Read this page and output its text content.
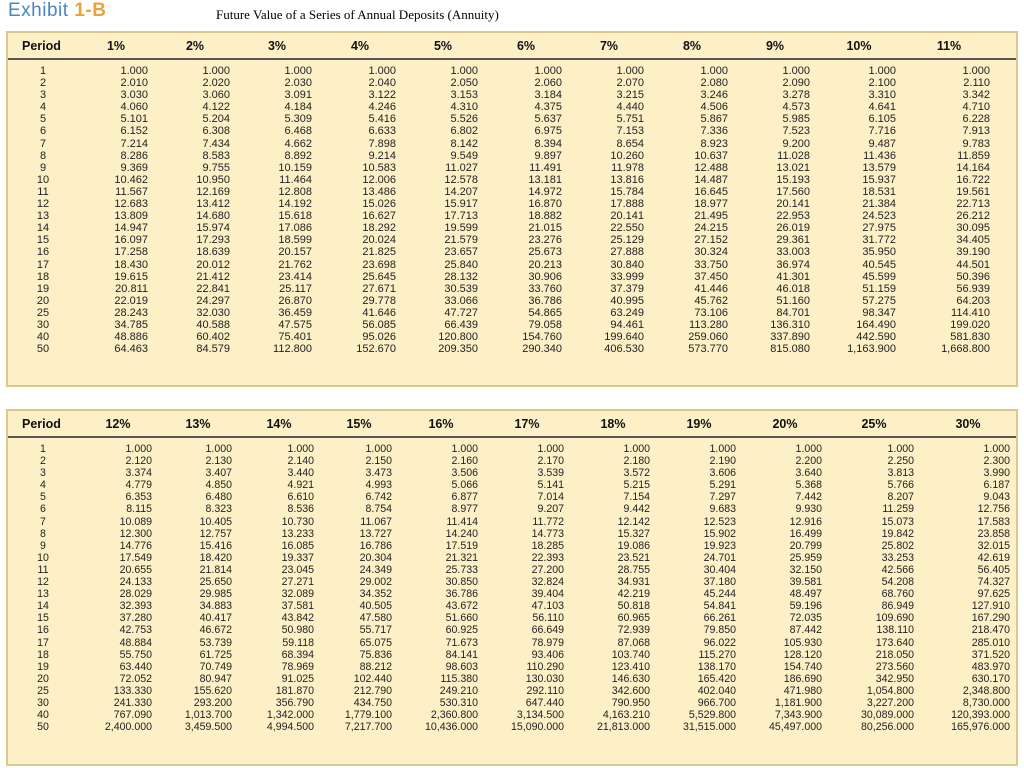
Exhibit 1-B	Future Value of a Series of Annual Deposits (Annuity)
Period	1%	2%	3%	4%	5%	6%	7%	8%	9%	10%	11%
1	1.000	1.000	1.000	1.000	1.000	1.000	1.000	1.000	1.000	1.000	1.000
2	2.010	2.020	2.030	2.040	2.050	2.060	2.070	2.080	2.090	2.100	2.110
3	3.030	3.060	3.091	3.122	3.153	3.184	3.215	3.246	3.278	3.310	3.342
4	4.060	4.122	4.184	4.246	4.310	4.375	4.440	4.506	4.573	4.641	4.710
5	5.101	5.204	5.309	5.416	5.526	5.637	5.751	5.867	5.985	6.105	6.228
6	6.152	6.308	6.468	6.633	6.802	6.975	7.153	7.336	7.523	7.716	7.913
7	7.214	7.434	4.662	7.898	8.142	8.394	8.654	8.923	9.200	9.487	9.783
8	8.286	8.583	8.892	9.214	9.549	9.897	10.260	10.637	11.028	11.436	11.859
9	9.369	9.755	10.159	10.583	11.027	11.491	11.978	12.488	13.021	13.579	14.164
10	10.462	10.950	11.464	12.006	12.578	13.181	13.816	14.487	15.193	15.937	16.722
11	11.567	12.169	12.808	13.486	14.207	14.972	15.784	16.645	17.560	18.531	19.561
12	12.683	13.412	14.192	15.026	15.917	16.870	17.888	18.977	20.141	21.384	22.713
13	13.809	14.680	15.618	16.627	17.713	18.882	20.141	21.495	22.953	24.523	26.212
14	14.947	15.974	17.086	18.292	19.599	21.015	22.550	24.215	26.019	27.975	30.095
15	16.097	17.293	18.599	20.024	21.579	23.276	25.129	27.152	29.361	31.772	34.405
16	17.258	18.639	20.157	21.825	23.657	25.673	27.888	30.324	33.003	35.950	39.190
17	18.430	20.012	21.762	23.698	25.840	20.213	30.840	33.750	36.974	40.545	44.501
18	19.615	21.412	23.414	25.645	28.132	30.906	33.999	37.450	41.301	45.599	50.396
19	20.811	22.841	25.117	27.671	30.539	33.760	37.379	41.446	46.018	51.159	56.939
20	22.019	24.297	26.870	29.778	33.066	36.786	40.995	45.762	51.160	57.275	64.203
25	28.243	32.030	36.459	41.646	47.727	54.865	63.249	73.106	84.701	98.347	114.410
30	34.785	40.588	47.575	56.085	66.439	79.058	94.461	113.280	136.310	164.490	199.020
40	48.886	60.402	75.401	95.026	120.800	154.760	199.640	259.060	337.890	442.590	581.830
50	64.463	84.579	112.800	152.670	209.350	290.340	406.530	573.770	815.080	1,163.900	1,668.800
Period	12%	13%	14%	15%	16%	17%	18%	19%	20%	25%	30%
1	1.000	1.000	1.000	1.000	1.000	1.000	1.000	1.000	1.000	1.000	1.000
2	2.120	2.130	2.140	2.150	2.160	2.170	2.180	2.190	2.200	2.250	2.300
3	3.374	3.407	3.440	3.473	3.506	3.539	3.572	3.606	3.640	3.813	3.990
4	4.779	4.850	4.921	4.993	5.066	5.141	5.215	5.291	5.368	5.766	6.187
5	6.353	6.480	6.610	6.742	6.877	7.014	7.154	7.297	7.442	8.207	9.043
6	8.115	8.323	8.536	8.754	8.977	9.207	9.442	9.683	9.930	11.259	12.756
7	10.089	10.405	10.730	11.067	11.414	11.772	12.142	12.523	12.916	15.073	17.583
8	12.300	12.757	13.233	13.727	14.240	14.773	15.327	15.902	16.499	19.842	23.858
9	14.776	15.416	16.085	16.786	17.519	18.285	19.086	19.923	20.799	25.802	32.015
10	17.549	18.420	19.337	20.304	21.321	22.393	23.521	24.701	25.959	33.253	42.619
11	20.655	21.814	23.045	24.349	25.733	27.200	28.755	30.404	32.150	42.566	56.405
12	24.133	25.650	27.271	29.002	30.850	32.824	34.931	37.180	39.581	54.208	74.327
13	28.029	29.985	32.089	34.352	36.786	39.404	42.219	45.244	48.497	68.760	97.625
14	32.393	34.883	37.581	40.505	43.672	47.103	50.818	54.841	59.196	86.949	127.910
15	37.280	40.417	43.842	47.580	51.660	56.110	60.965	66.261	72.035	109.690	167.290
16	42.753	46.672	50.980	55.717	60.925	66.649	72.939	79.850	87.442	138.110	218.470
17	48.884	53.739	59.118	65.075	71.673	78.979	87.068	96.022	105.930	173.640	285.010
18	55.750	61.725	68.394	75.836	84.141	93.406	103.740	115.270	128.120	218.050	371.520
19	63.440	70.749	78.969	88.212	98.603	110.290	123.410	138.170	154.740	273.560	483.970
20	72.052	80.947	91.025	102.440	115.380	130.030	146.630	165.420	186.690	342.950	630.170
25	133.330	155.620	181.870	212.790	249.210	292.110	342.600	402.040	471.980	1,054.800	2,348.800
30	241.330	293.200	356.790	434.750	530.310	647.440	790.950	966.700	1,181.900	3,227.200	8,730.000
40	767.090	1,013.700	1,342.000	1,779.100	2,360.800	3,134.500	4,163.210	5,529.800	7,343.900	30,089.000	120,393.000
50	2,400.000	3,459.500	4,994.500	7,217.700	10,436.000	15,090.000	21,813.000	31,515.000	45,497.000	80,256.000	165,976.000
